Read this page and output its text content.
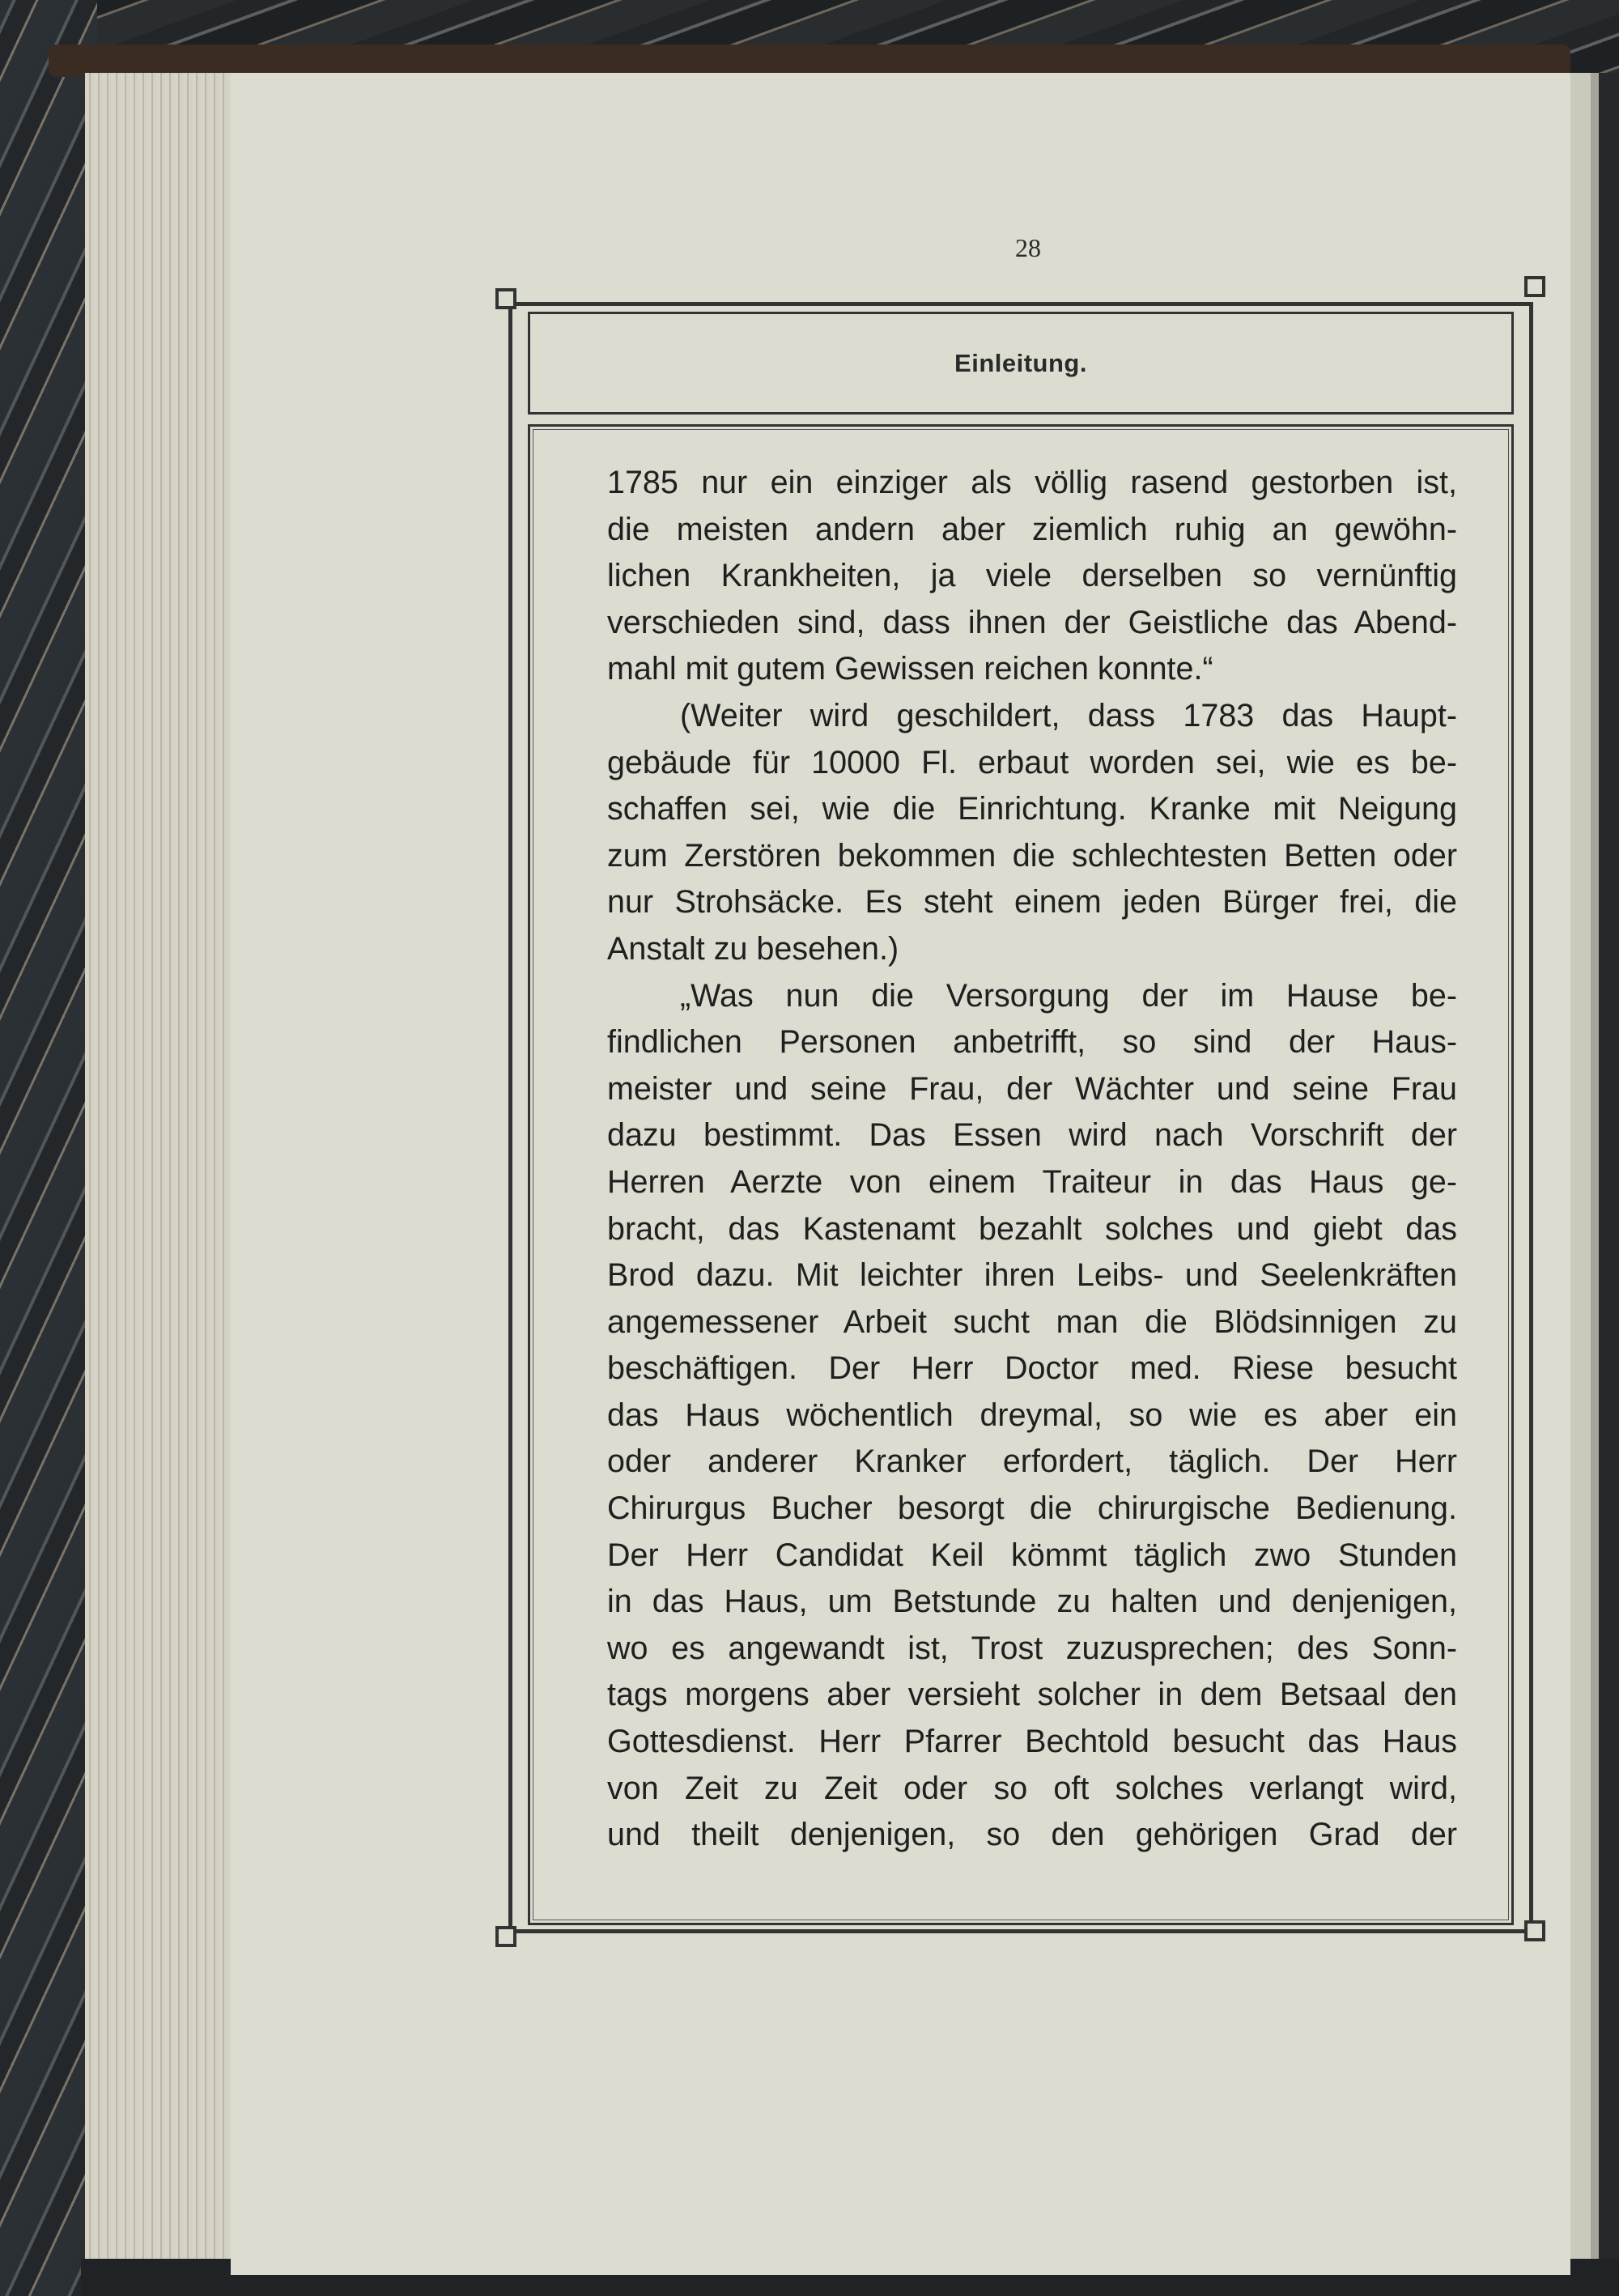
28
Einleitung.
1785 nur ein einziger als völlig rasend gestorben ist,
die meisten andern aber ziemlich ruhig an gewöhn-
lichen Krankheiten, ja viele derselben so vernünftig
verschieden sind, dass ihnen der Geistliche das Abend-
mahl mit gutem Gewissen reichen konnte.“
(Weiter wird geschildert, dass 1783 das Haupt-
gebäude für 10000 Fl. erbaut worden sei, wie es be-
schaffen sei, wie die Einrichtung. Kranke mit Neigung
zum Zerstören bekommen die schlechtesten Betten oder
nur Strohsäcke. Es steht einem jeden Bürger frei, die
Anstalt zu besehen.)
„Was nun die Versorgung der im Hause be-
findlichen Personen anbetrifft, so sind der Haus-
meister und seine Frau, der Wächter und seine Frau
dazu bestimmt. Das Essen wird nach Vorschrift der
Herren Aerzte von einem Traiteur in das Haus ge-
bracht, das Kastenamt bezahlt solches und giebt das
Brod dazu. Mit leichter ihren Leibs- und Seelenkräften
angemessener Arbeit sucht man die Blödsinnigen zu
beschäftigen. Der Herr Doctor med. Riese besucht
das Haus wöchentlich dreymal, so wie es aber ein
oder anderer Kranker erfordert, täglich. Der Herr
Chirurgus Bucher besorgt die chirurgische Bedienung.
Der Herr Candidat Keil kömmt täglich zwo Stunden
in das Haus, um Betstunde zu halten und denjenigen,
wo es angewandt ist, Trost zuzusprechen; des Sonn-
tags morgens aber versieht solcher in dem Betsaal den
Gottesdienst. Herr Pfarrer Bechtold besucht das Haus
von Zeit zu Zeit oder so oft solches verlangt wird,
und theilt denjenigen, so den gehörigen Grad der
